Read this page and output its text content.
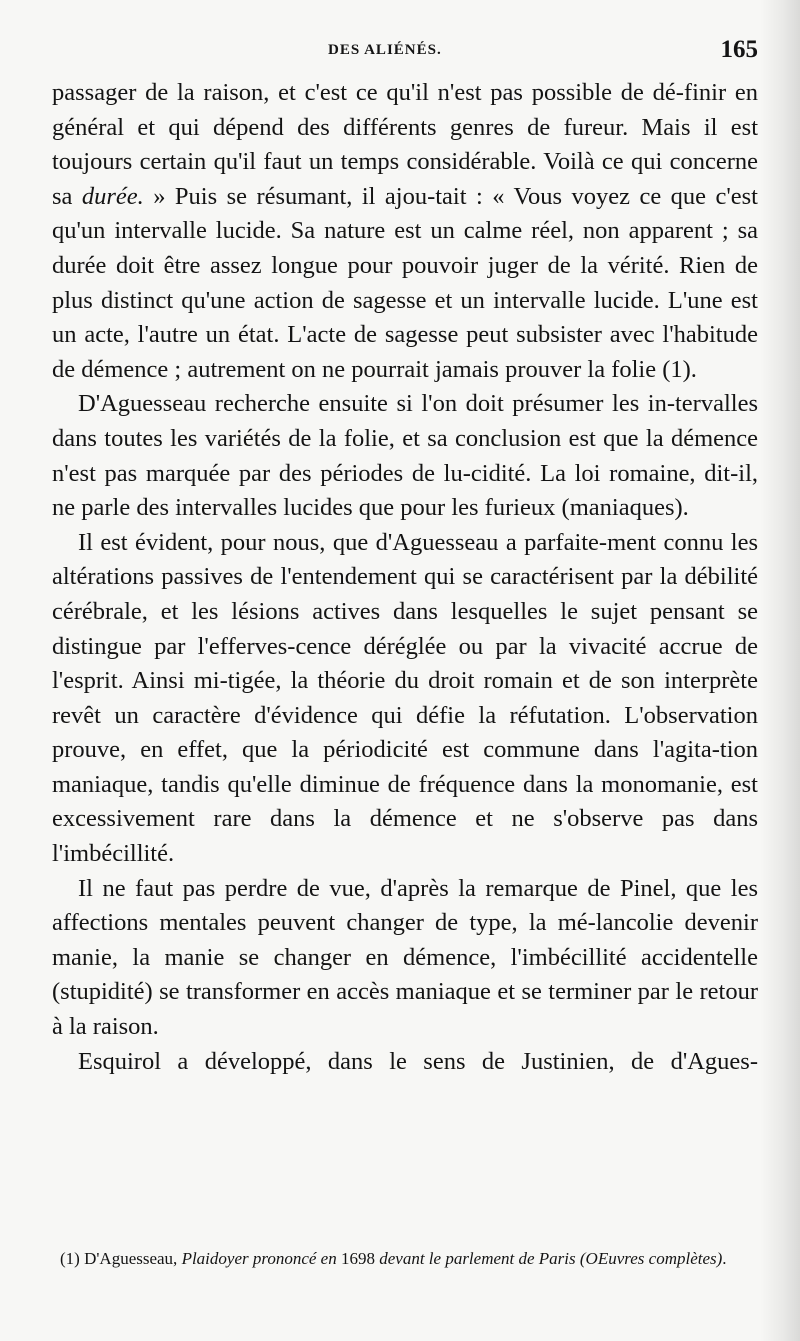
DES ALIÉNÉS.	165

passager de la raison, et c'est ce qu'il n'est pas possible de dé-finir en général et qui dépend des différents genres de fureur. Mais il est toujours certain qu'il faut un temps considérable. Voilà ce qui concerne sa durée. » Puis se résumant, il ajou-tait : « Vous voyez ce que c'est qu'un intervalle lucide. Sa nature est un calme réel, non apparent ; sa durée doit être assez longue pour pouvoir juger de la vérité. Rien de plus distinct qu'une action de sagesse et un intervalle lucide. L'une est un acte, l'autre un état. L'acte de sagesse peut subsister avec l'habitude de démence ; autrement on ne pourrait jamais prouver la folie (1).

D'Aguesseau recherche ensuite si l'on doit présumer les in-tervalles dans toutes les variétés de la folie, et sa conclusion est que la démence n'est pas marquée par des périodes de lu-cidité. La loi romaine, dit-il, ne parle des intervalles lucides que pour les furieux (maniaques).

Il est évident, pour nous, que d'Aguesseau a parfaite-ment connu les altérations passives de l'entendement qui se caractérisent par la débilité cérébrale, et les lésions actives dans lesquelles le sujet pensant se distingue par l'efferves-cence déréglée ou par la vivacité accrue de l'esprit. Ainsi mi-tigée, la théorie du droit romain et de son interprète revêt un caractère d'évidence qui défie la réfutation. L'observation prouve, en effet, que la périodicité est commune dans l'agita-tion maniaque, tandis qu'elle diminue de fréquence dans la monomanie, est excessivement rare dans la démence et ne s'observe pas dans l'imbécillité.

Il ne faut pas perdre de vue, d'après la remarque de Pinel, que les affections mentales peuvent changer de type, la mé-lancolie devenir manie, la manie se changer en démence, l'imbécillité accidentelle (stupidité) se transformer en accès maniaque et se terminer par le retour à la raison.

Esquirol a développé, dans le sens de Justinien, de d'Agues-

(1) D'Aguesseau, Plaidoyer prononcé en 1698 devant le parlement de Paris (OEuvres complètes).
